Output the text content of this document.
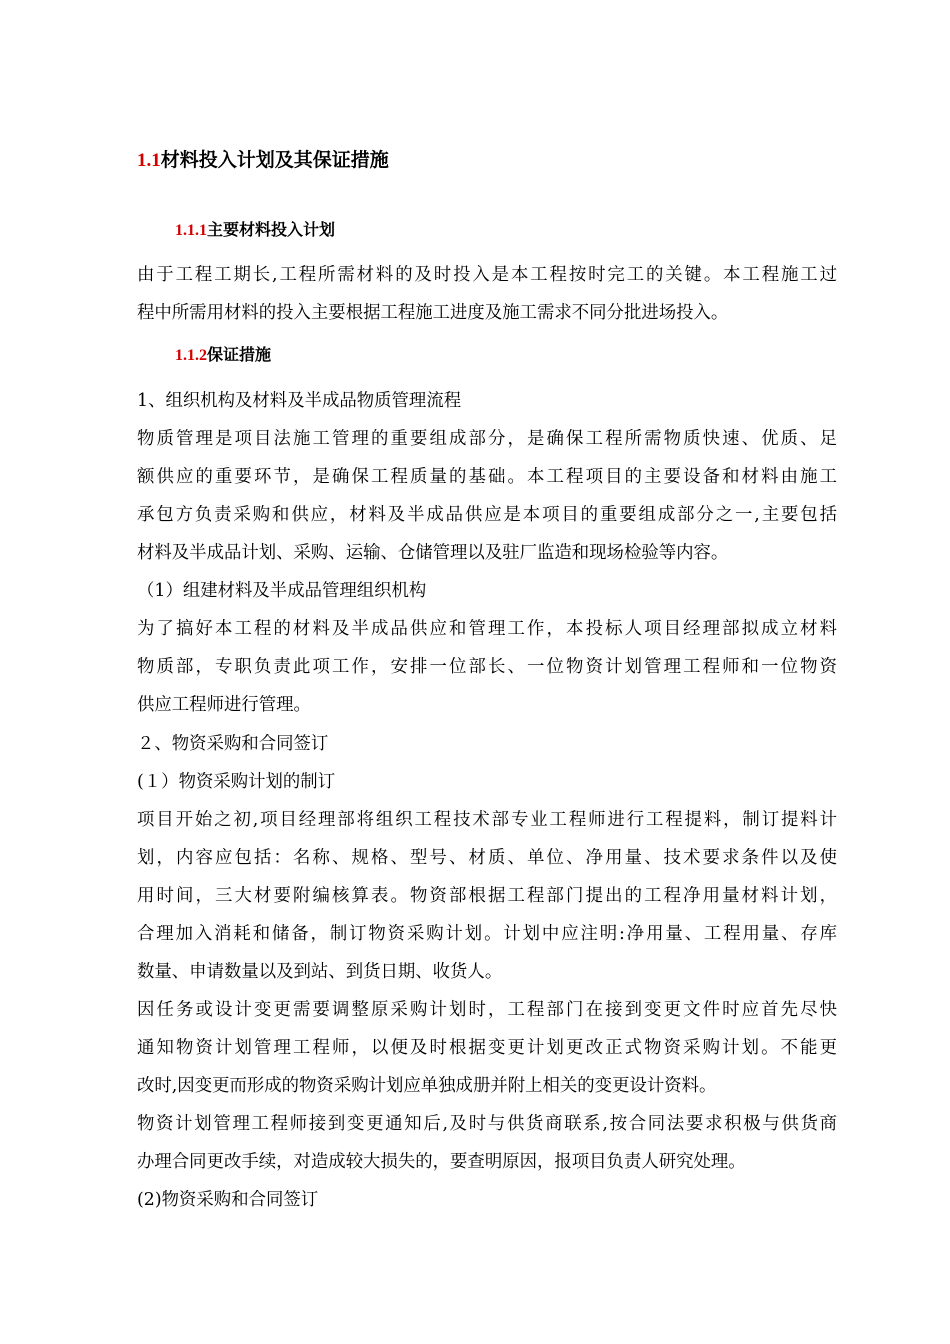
1.1材料投入计划及其保证措施
1.1.1主要材料投入计划
由于工程工期长,工程所需材料的及时投入是本工程按时完工的关键。本工程施工过
程中所需用材料的投入主要根据工程施工进度及施工需求不同分批进场投入。
1.1.2保证措施
1、组织机构及材料及半成品物质管理流程
物质管理是项目法施工管理的重要组成部分，是确保工程所需物质快速、优质、足
额供应的重要环节，是确保工程质量的基础。本工程项目的主要设备和材料由施工
承包方负责采购和供应，材料及半成品供应是本项目的重要组成部分之一,主要包括
材料及半成品计划、采购、运输、仓储管理以及驻厂监造和现场检验等内容。
（1）组建材料及半成品管理组织机构
为了搞好本工程的材料及半成品供应和管理工作，本投标人项目经理部拟成立材料
物质部，专职负责此项工作，安排一位部长、一位物资计划管理工程师和一位物资
供应工程师进行管理。
２、物资采购和合同签订
(１）物资采购计划的制订
项目开始之初,项目经理部将组织工程技术部专业工程师进行工程提料，制订提料计
划，内容应包括：名称、规格、型号、材质、单位、净用量、技术要求条件以及使
用时间，三大材要附编核算表。物资部根据工程部门提出的工程净用量材料计划，
合理加入消耗和储备，制订物资采购计划。计划中应注明:净用量、工程用量、存库
数量、申请数量以及到站、到货日期、收货人。
因任务或设计变更需要调整原采购计划时，工程部门在接到变更文件时应首先尽快
通知物资计划管理工程师，以便及时根据变更计划更改正式物资采购计划。不能更
改时,因变更而形成的物资采购计划应单独成册并附上相关的变更设计资料。
物资计划管理工程师接到变更通知后,及时与供货商联系,按合同法要求积极与供货商
办理合同更改手续，对造成较大损失的，要查明原因，报项目负责人研究处理。
(2)物资采购和合同签订
